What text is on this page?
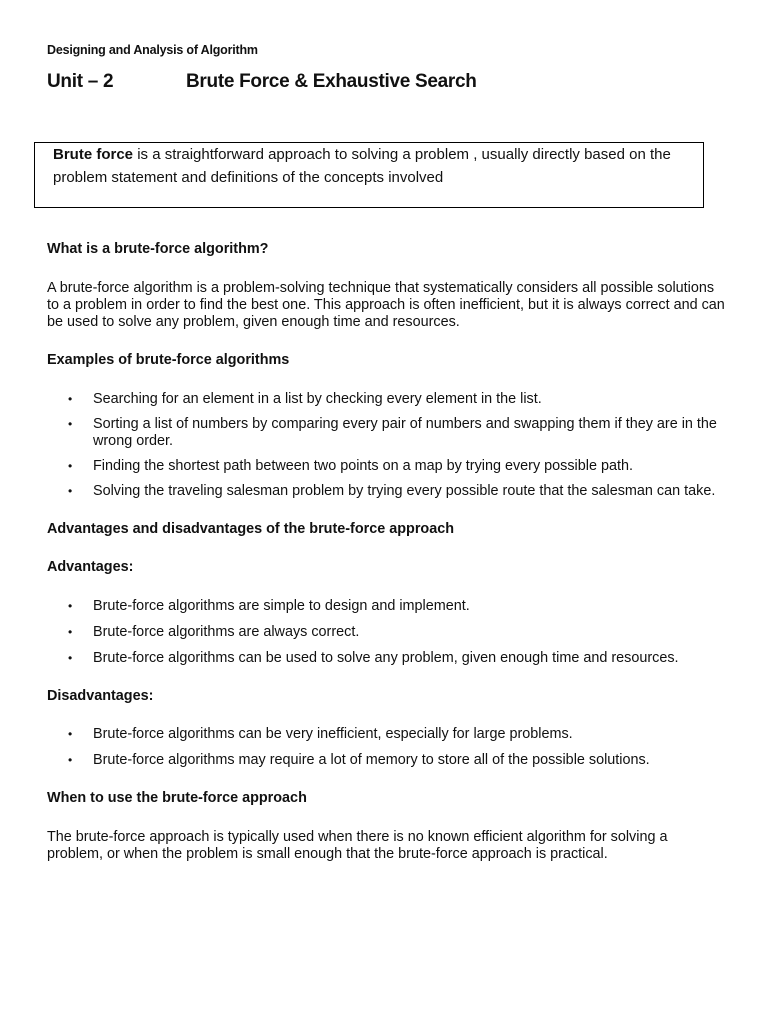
Designing and Analysis of Algorithm
Unit – 2	Brute Force & Exhaustive Search
Brute force is a straightforward approach to solving a problem , usually directly based on the problem statement and definitions of the concepts involved

What is a brute-force algorithm?

A brute-force algorithm is a problem-solving technique that systematically considers all possible solutions to a problem in order to find the best one. This approach is often inefficient, but it is always correct and can be used to solve any problem, given enough time and resources.

Examples of brute-force algorithms

• Searching for an element in a list by checking every element in the list.
• Sorting a list of numbers by comparing every pair of numbers and swapping them if they are in the wrong order.
• Finding the shortest path between two points on a map by trying every possible path.
• Solving the traveling salesman problem by trying every possible route that the salesman can take.

Advantages and disadvantages of the brute-force approach

Advantages:

• Brute-force algorithms are simple to design and implement.
• Brute-force algorithms are always correct.
• Brute-force algorithms can be used to solve any problem, given enough time and resources.

Disadvantages:

• Brute-force algorithms can be very inefficient, especially for large problems.
• Brute-force algorithms may require a lot of memory to store all of the possible solutions.

When to use the brute-force approach

The brute-force approach is typically used when there is no known efficient algorithm for solving a problem, or when the problem is small enough that the brute-force approach is practical.
